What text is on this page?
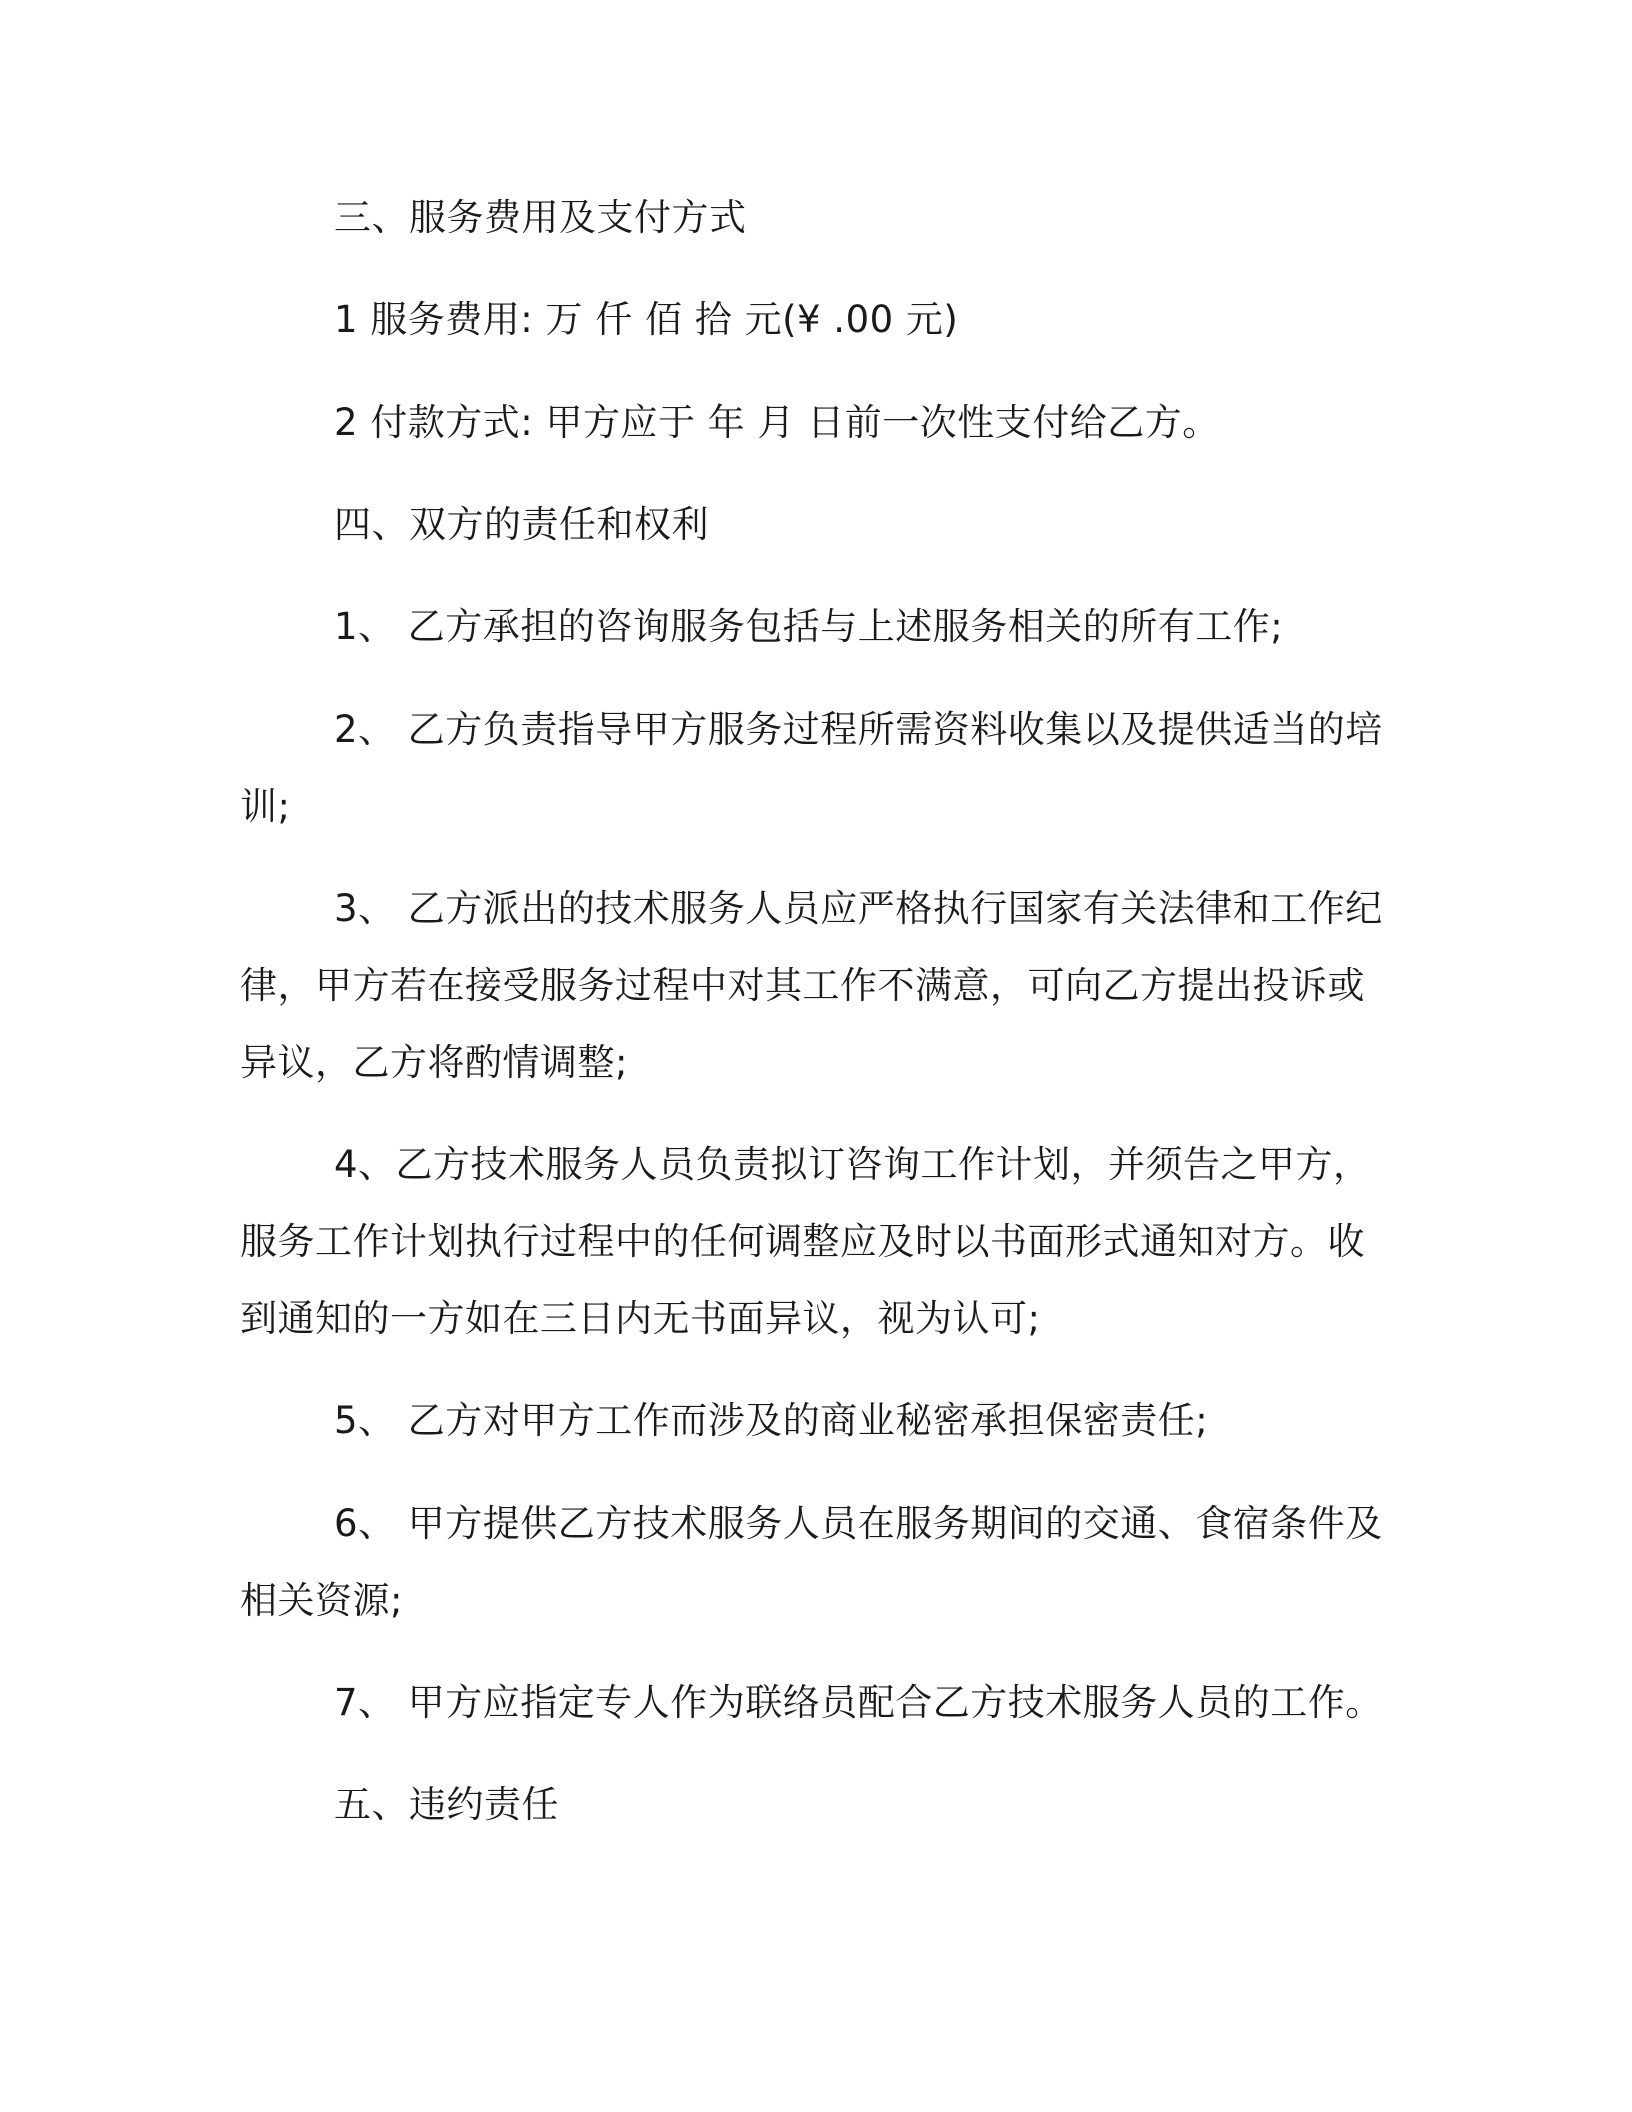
三、服务费用及支付方式
1 服务费用: 万 仟 佰 拾 元(¥ .00 元)
2 付款方式: 甲方应于 年 月 日前一次性支付给乙方。
四、双方的责任和权利
1、 乙方承担的咨询服务包括与上述服务相关的所有工作;
2、 乙方负责指导甲方服务过程所需资料收集以及提供适当的培
训;
3、 乙方派出的技术服务人员应严格执行国家有关法律和工作纪
律，甲方若在接受服务过程中对其工作不满意，可向乙方提出投诉或
异议，乙方将酌情调整;
4、乙方技术服务人员负责拟订咨询工作计划，并须告之甲方，
服务工作计划执行过程中的任何调整应及时以书面形式通知对方。收
到通知的一方如在三日内无书面异议，视为认可;
5、 乙方对甲方工作而涉及的商业秘密承担保密责任;
6、 甲方提供乙方技术服务人员在服务期间的交通、食宿条件及
相关资源;
7、 甲方应指定专人作为联络员配合乙方技术服务人员的工作。
五、违约责任
